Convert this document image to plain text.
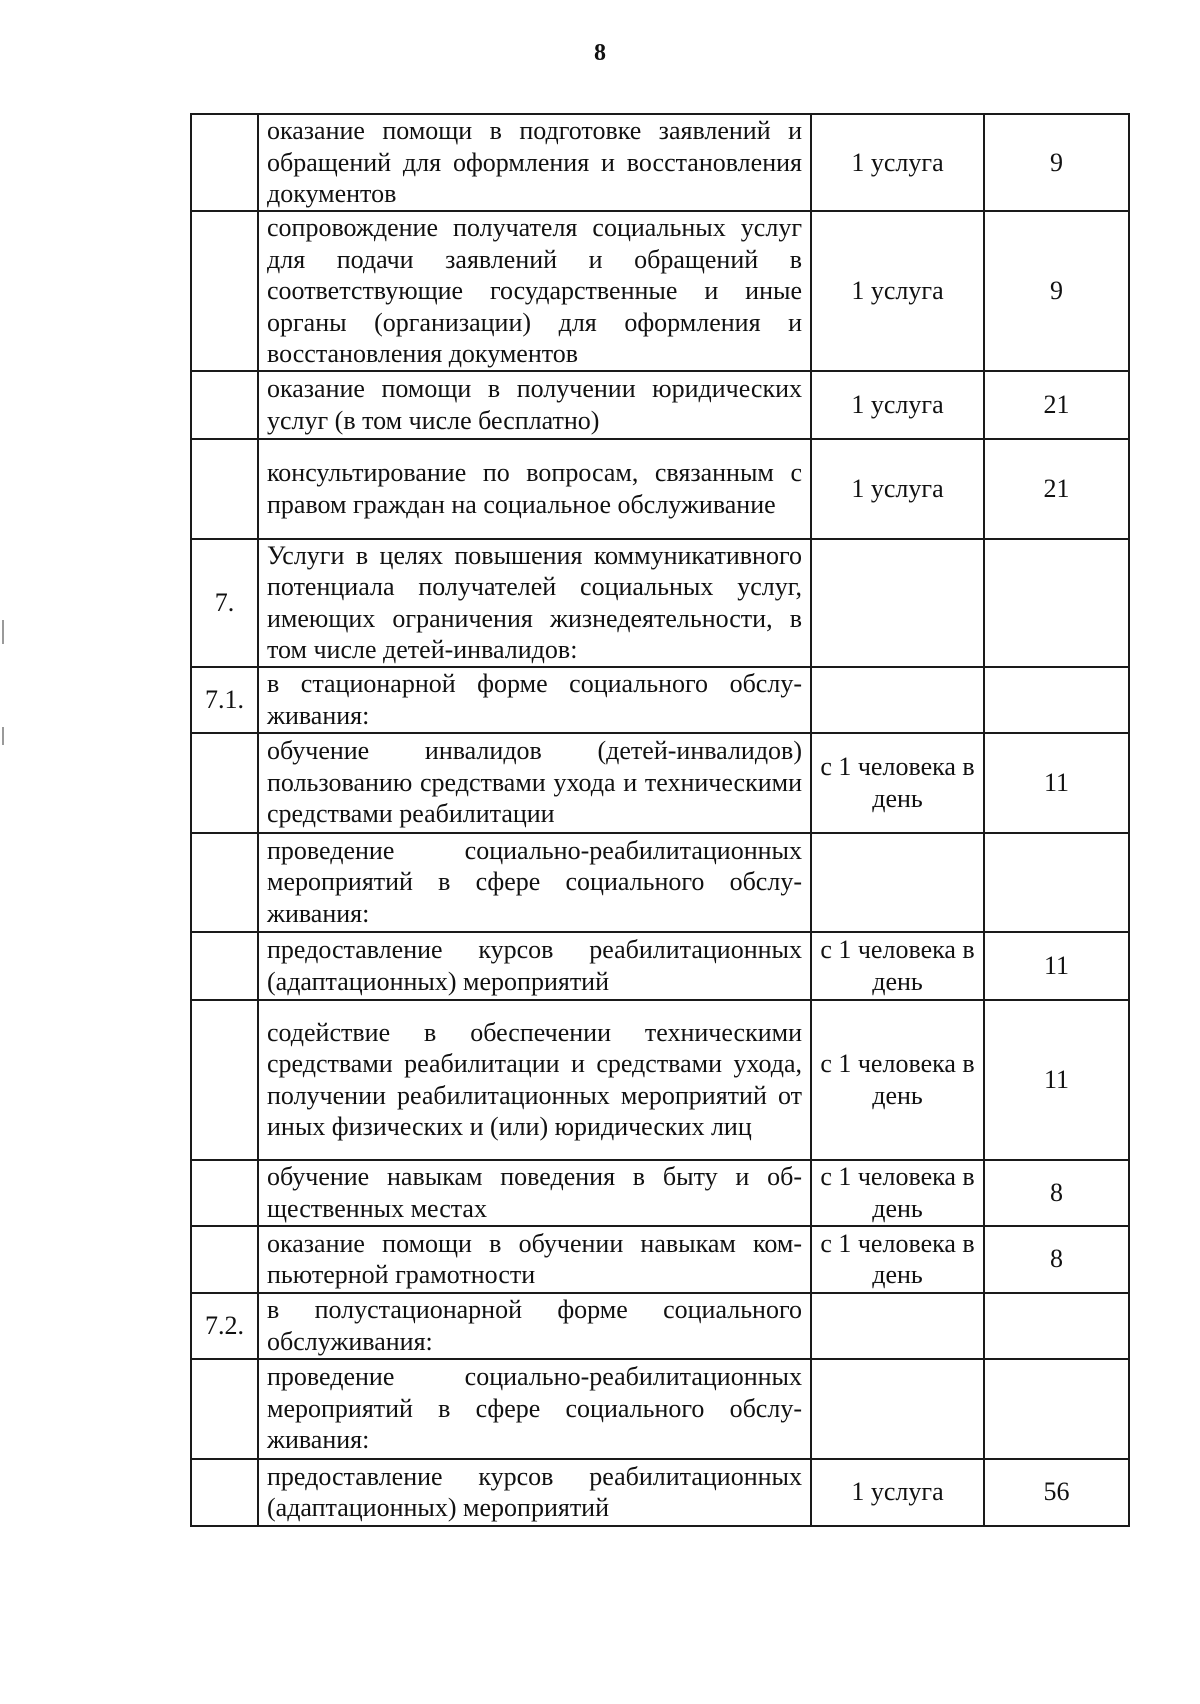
8
	оказание помощи в подготовке заявлений и обращений для оформления и восстановления документов	1 услуга	9
	сопровождение получателя социальных услуг для подачи заявлений и обращений в соответствующие государственные и иные органы (организации) для оформления и восстановления документов	1 услуга	9
	оказание помощи в получении юридических услуг (в том числе бесплатно)	1 услуга	21
	консультирование по вопросам, связанным с правом граждан на социальное обслуживание	1 услуга	21
7.	Услуги в целях повышения коммуникативного потенциала получателей социальных услуг, имеющих ограничения жизнедеятельности, в том числе детей-инвалидов:		
7.1.	в стационарной форме социального обслуживания:		
	обучение инвалидов (детей-инвалидов) пользованию средствами ухода и техническими средствами реабилитации	с 1 человека в день	11
	проведение социально-реабилитационных мероприятий в сфере социального обслуживания:		
	предоставление курсов реабилитационных (адаптационных) мероприятий	с 1 человека в день	11
	содействие в обеспечении техническими средствами реабилитации и средствами ухода, получении реабилитационных мероприятий от иных физических и (или) юридических лиц	с 1 человека в день	11
	обучение навыкам поведения в быту и общественных местах	с 1 человека в день	8
	оказание помощи в обучении навыкам компьютерной грамотности	с 1 человека в день	8
7.2.	в полустационарной форме социального обслуживания:		
	проведение социально-реабилитационных мероприятий в сфере социального обслуживания:		
	предоставление курсов реабилитационных (адаптационных) мероприятий	1 услуга	56
